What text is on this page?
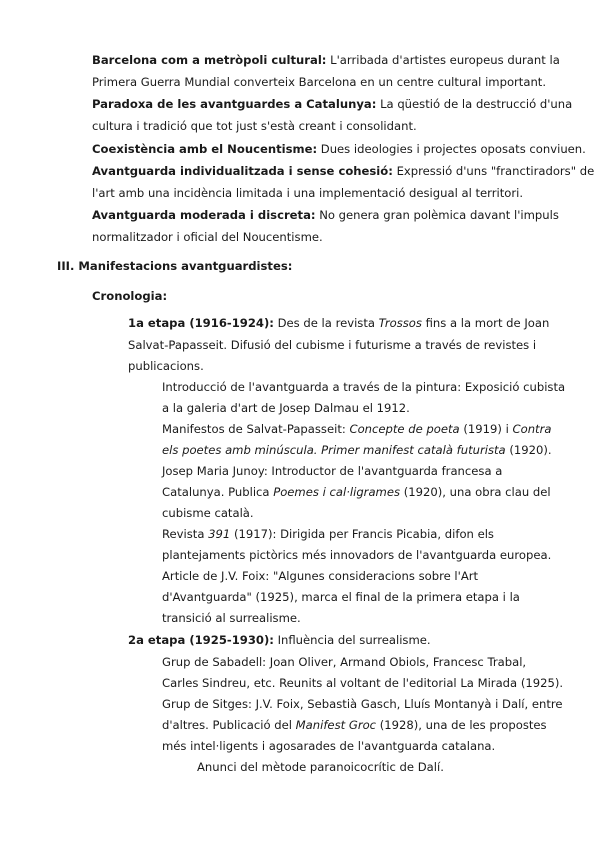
Barcelona com a metròpoli cultural: L'arribada d'artistes europeus durant la
Primera Guerra Mundial converteix Barcelona en un centre cultural important.
Paradoxa de les avantguardes a Catalunya: La qüestió de la destrucció d'una
cultura i tradició que tot just s'està creant i consolidant.
Coexistència amb el Noucentisme: Dues ideologies i projectes oposats conviuen.
Avantguarda individualitzada i sense cohesió: Expressió d'uns "franctiradors" de
l'art amb una incidència limitada i una implementació desigual al territori.
Avantguarda moderada i discreta: No genera gran polèmica davant l'impuls
normalitzador i oficial del Noucentisme.
III. Manifestacions avantguardistes:
Cronologia:
1a etapa (1916-1924): Des de la revista Trossos fins a la mort de Joan
Salvat-Papasseit. Difusió del cubisme i futurisme a través de revistes i
publicacions.
Introducció de l'avantguarda a través de la pintura: Exposició cubista
a la galeria d'art de Josep Dalmau el 1912.
Manifestos de Salvat-Papasseit: Concepte de poeta (1919) i Contra
els poetes amb minúscula. Primer manifest català futurista (1920).
Josep Maria Junoy: Introductor de l'avantguarda francesa a
Catalunya. Publica Poemes i cal·ligrames (1920), una obra clau del
cubisme català.
Revista 391 (1917): Dirigida per Francis Picabia, difon els
plantejaments pictòrics més innovadors de l'avantguarda europea.
Article de J.V. Foix: "Algunes consideracions sobre l'Art
d'Avantguarda" (1925), marca el final de la primera etapa i la
transició al surrealisme.
2a etapa (1925-1930): Influència del surrealisme.
Grup de Sabadell: Joan Oliver, Armand Obiols, Francesc Trabal,
Carles Sindreu, etc. Reunits al voltant de l'editorial La Mirada (1925).
Grup de Sitges: J.V. Foix, Sebastià Gasch, Lluís Montanyà i Dalí, entre
d'altres. Publicació del Manifest Groc (1928), una de les propostes
més intel·ligents i agosarades de l'avantguarda catalana.
Anunci del mètode paranoicocrític de Dalí.
